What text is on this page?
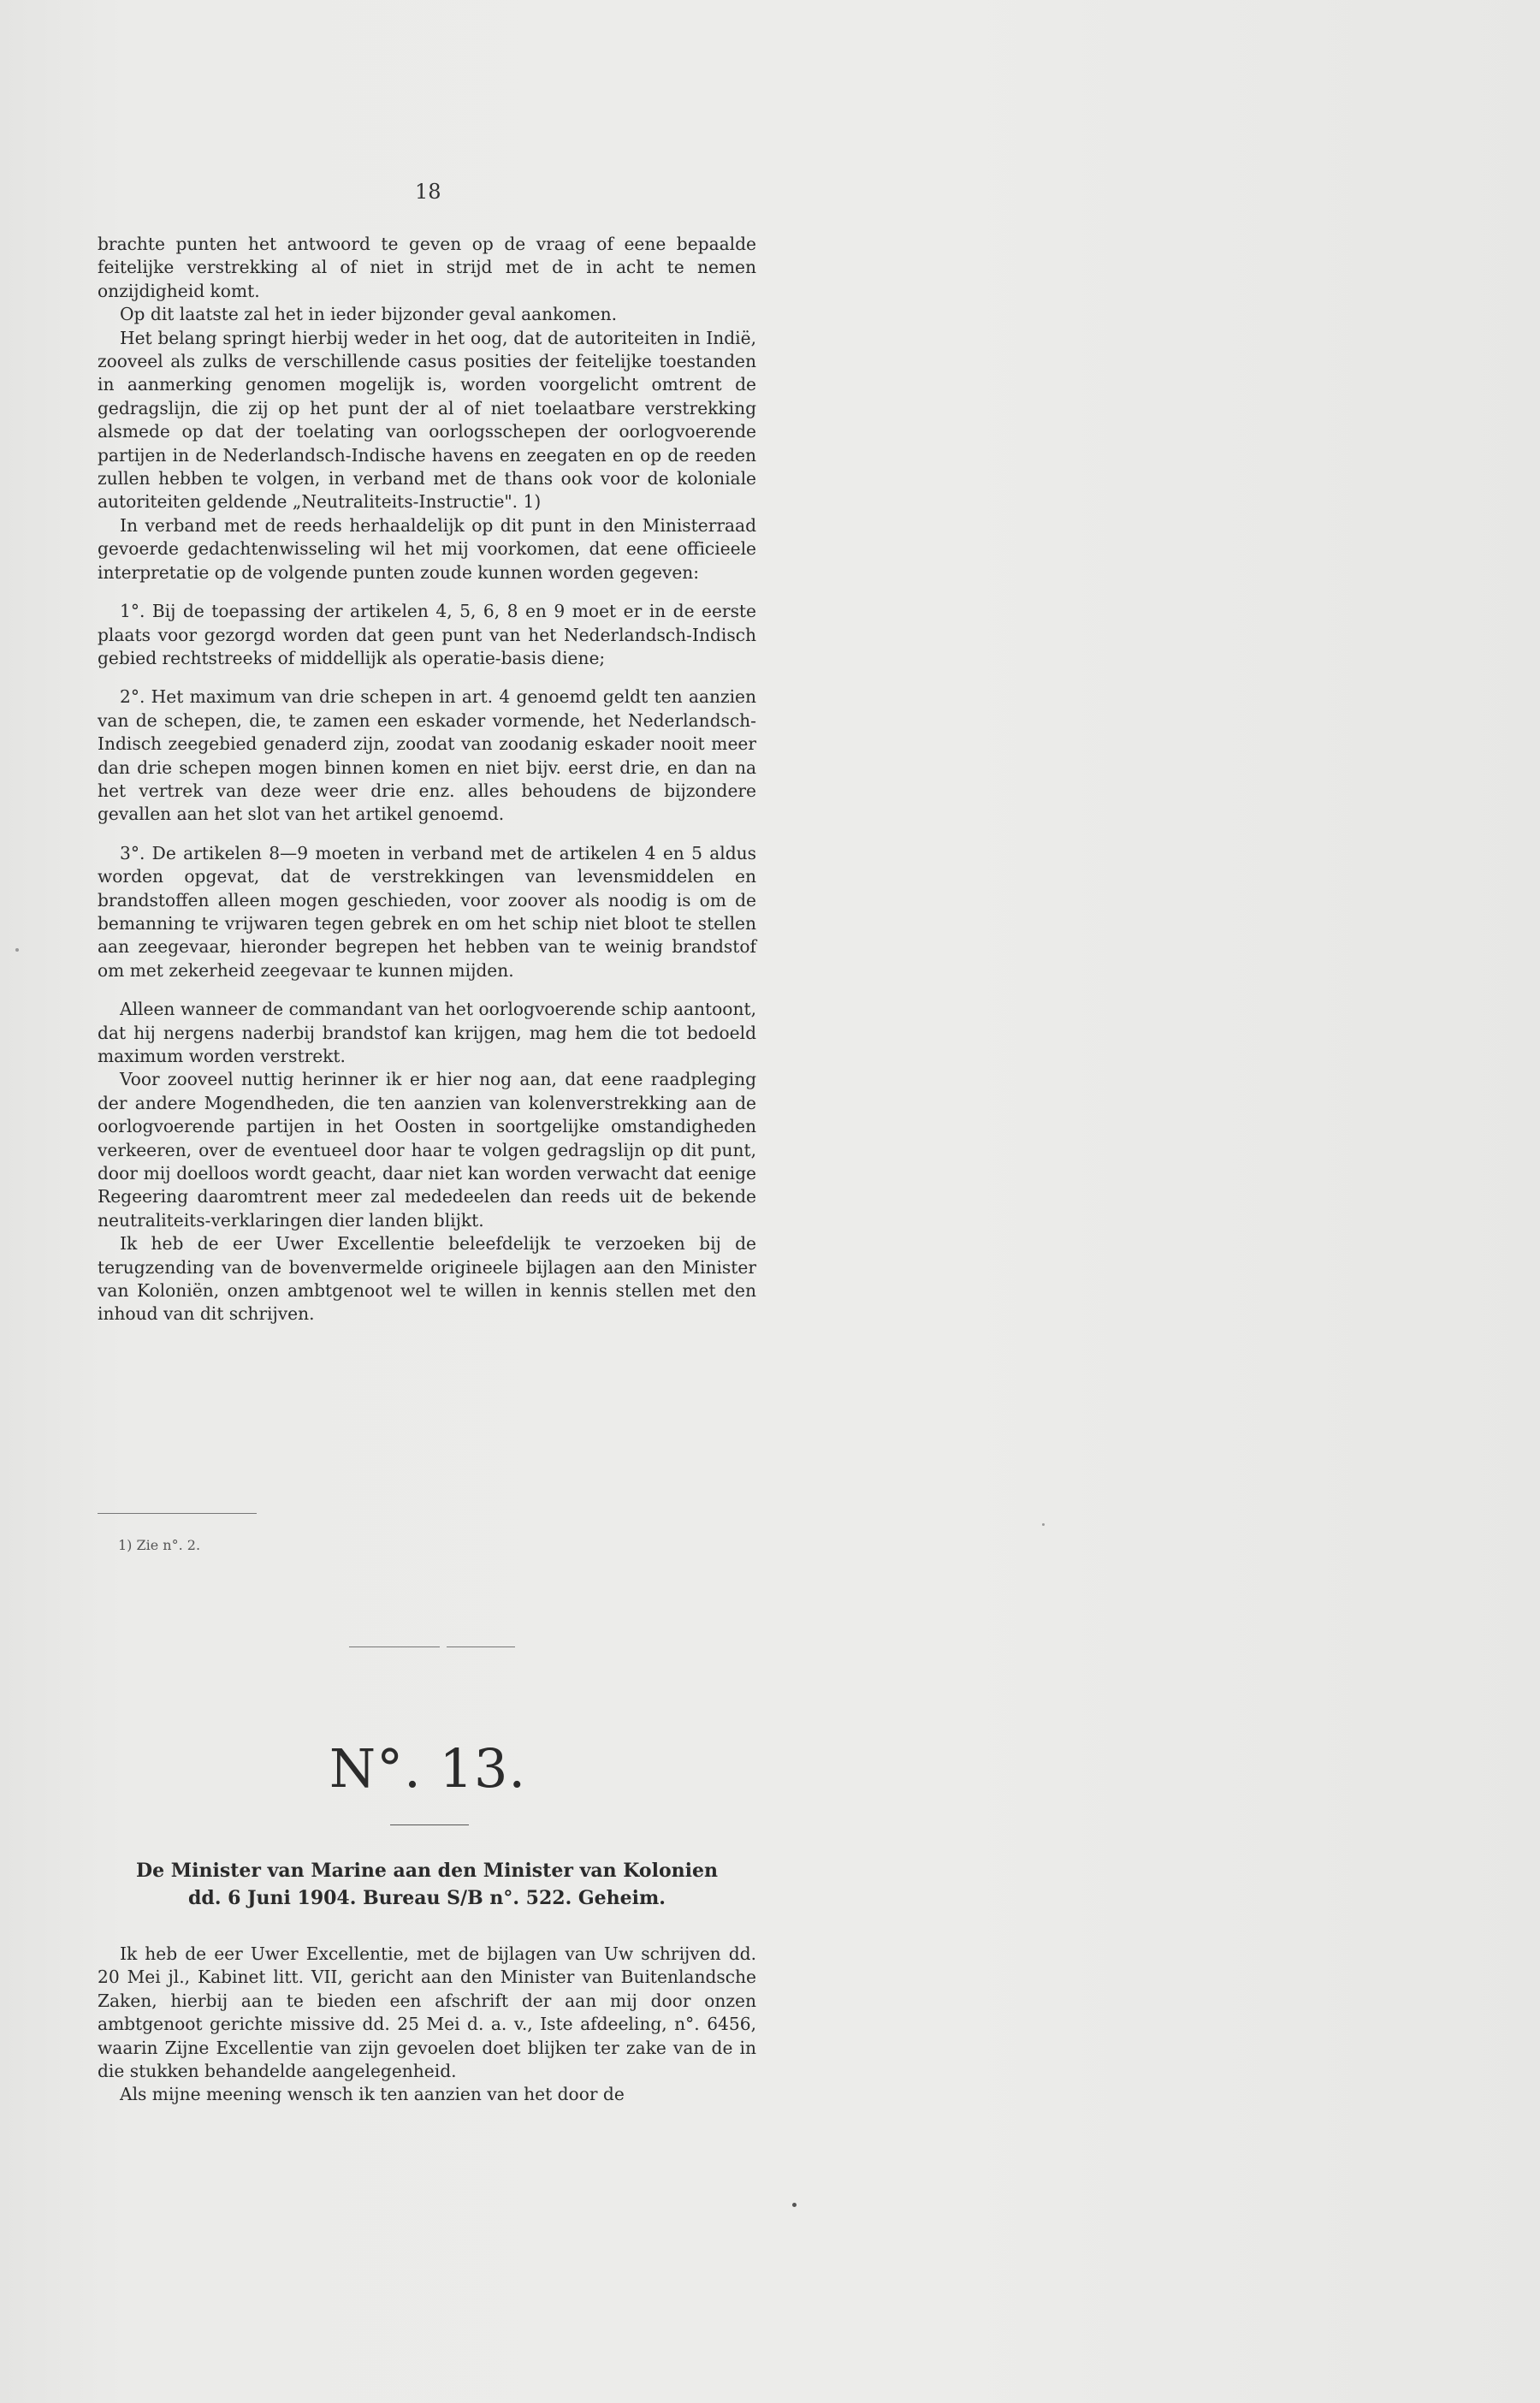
18

brachte punten het antwoord te geven op de vraag of eene bepaalde feitelijke verstrekking al of niet in strijd met de in acht te nemen onzijdigheid komt.

Op dit laatste zal het in ieder bijzonder geval aankomen.

Het belang springt hierbij weder in het oog, dat de autoriteiten in Indië, zooveel als zulks de verschillende casus posities der feitelijke toestanden in aanmerking genomen mogelijk is, worden voorgelicht omtrent de gedragslijn, die zij op het punt der al of niet toelaatbare verstrekking alsmede op dat der toelating van oorlogsschepen der oorlogvoerende partijen in de Nederlandsch-Indische havens en zeegaten en op de reeden zullen hebben te volgen, in verband met de thans ook voor de koloniale autoriteiten geldende „Neutraliteits-Instructie". 1)

In verband met de reeds herhaaldelijk op dit punt in den Ministerraad gevoerde gedachtenwisseling wil het mij voorkomen, dat eene officieele interpretatie op de volgende punten zoude kunnen worden gegeven:

1°. Bij de toepassing der artikelen 4, 5, 6, 8 en 9 moet er in de eerste plaats voor gezorgd worden dat geen punt van het Nederlandsch-Indisch gebied rechtstreeks of middellijk als operatie-basis diene;

2°. Het maximum van drie schepen in art. 4 genoemd geldt ten aanzien van de schepen, die, te zamen een eskader vormende, het Nederlandsch-Indisch zeegebied genaderd zijn, zoodat van zoodanig eskader nooit meer dan drie schepen mogen binnen komen en niet bijv. eerst drie, en dan na het vertrek van deze weer drie enz. alles behoudens de bijzondere gevallen aan het slot van het artikel genoemd.

3°. De artikelen 8—9 moeten in verband met de artikelen 4 en 5 aldus worden opgevat, dat de verstrekkingen van levensmiddelen en brandstoffen alleen mogen geschieden, voor zoover als noodig is om de bemanning te vrijwaren tegen gebrek en om het schip niet bloot te stellen aan zeegevaar, hieronder begrepen het hebben van te weinig brandstof om met zekerheid zeegevaar te kunnen mijden.

Alleen wanneer de commandant van het oorlogvoerende schip aantoont, dat hij nergens naderbij brandstof kan krijgen, mag hem die tot bedoeld maximum worden verstrekt.

Voor zooveel nuttig herinner ik er hier nog aan, dat eene raadpleging der andere Mogendheden, die ten aanzien van kolenverstrekking aan de oorlogvoerende partijen in het Oosten in soortgelijke omstandigheden verkeeren, over de eventueel door haar te volgen gedragslijn op dit punt, door mij doelloos wordt geacht, daar niet kan worden verwacht dat eenige Regeering daaromtrent meer zal mededeelen dan reeds uit de bekende neutraliteits-verklaringen dier landen blijkt.

Ik heb de eer Uwer Excellentie beleefdelijk te verzoeken bij de terugzending van de bovenvermelde origineele bijlagen aan den Minister van Koloniën, onzen ambtgenoot wel te willen in kennis stellen met den inhoud van dit schrijven.

1) Zie n°. 2.
N°. 13.
De Minister van Marine aan den Minister van Kolonien
dd. 6 Juni 1904. Bureau S/B n°. 522. Geheim.

Ik heb de eer Uwer Excellentie, met de bijlagen van Uw schrijven dd. 20 Mei jl., Kabinet litt. VII, gericht aan den Minister van Buitenlandsche Zaken, hierbij aan te bieden een afschrift der aan mij door onzen ambtgenoot gerichte missive dd. 25 Mei d. a. v., Iste afdeeling, n°. 6456, waarin Zijne Excellentie van zijn gevoelen doet blijken ter zake van de in die stukken behandelde aangelegenheid.

Als mijne meening wensch ik ten aanzien van het door de
